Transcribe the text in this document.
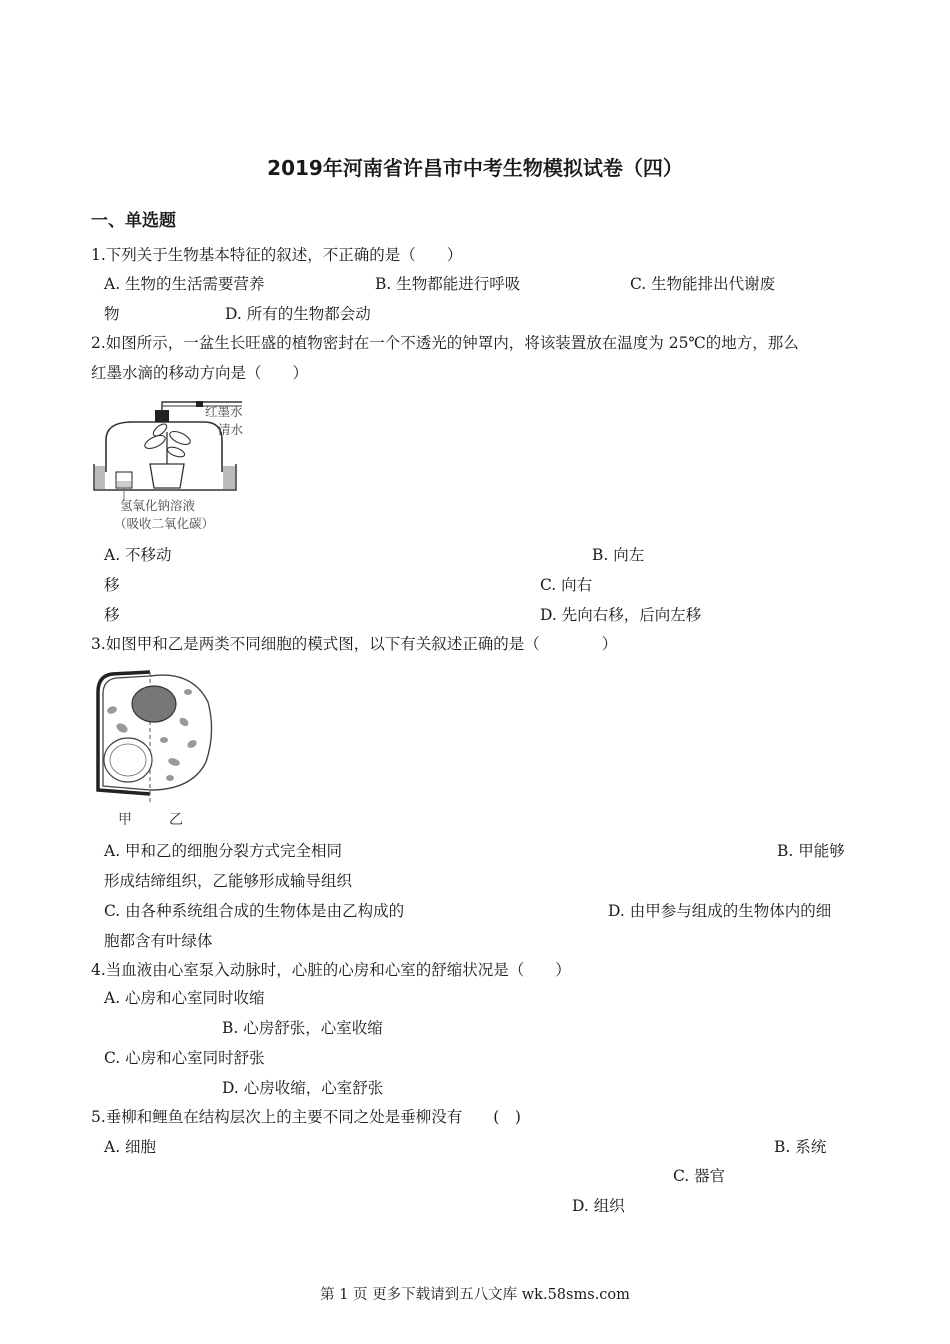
2019年河南省许昌市中考生物模拟试卷（四）
一、单选题
1.下列关于生物基本特征的叙述，不正确的是（　　）
A. 生物的生活需要营养	B. 生物都能进行呼吸	C. 生物能排出代谢废
物	D. 所有的生物都会动
2.如图所示，一盆生长旺盛的植物密封在一个不透光的钟罩内，将该装置放在温度为 25℃的地方，那么
红墨水滴的移动方向是（　　）
红墨水
清水
氢氧化钠溶液
（吸收二氧化碳）
A. 不移动	B. 向左
移	C. 向右
移	D. 先向右移，后向左移
3.如图甲和乙是两类不同细胞的模式图，以下有关叙述正确的是（　　　　）
甲	乙
A. 甲和乙的细胞分裂方式完全相同	B. 甲能够
形成结缔组织，乙能够形成输导组织
C. 由各种系统组合成的生物体是由乙构成的	D. 由甲参与组成的生物体内的细
胞都含有叶绿体
4.当血液由心室泵入动脉时，心脏的心房和心室的舒缩状况是（　　）
A. 心房和心室同时收缩
B. 心房舒张，心室收缩
C. 心房和心室同时舒张
D. 心房收缩，心室舒张
5.垂柳和鲤鱼在结构层次上的主要不同之处是垂柳没有　　(　)
A. 细胞	B. 系统
C. 器官
D. 组织
第 1 页 更多下载请到五八文库 wk.58sms.com
